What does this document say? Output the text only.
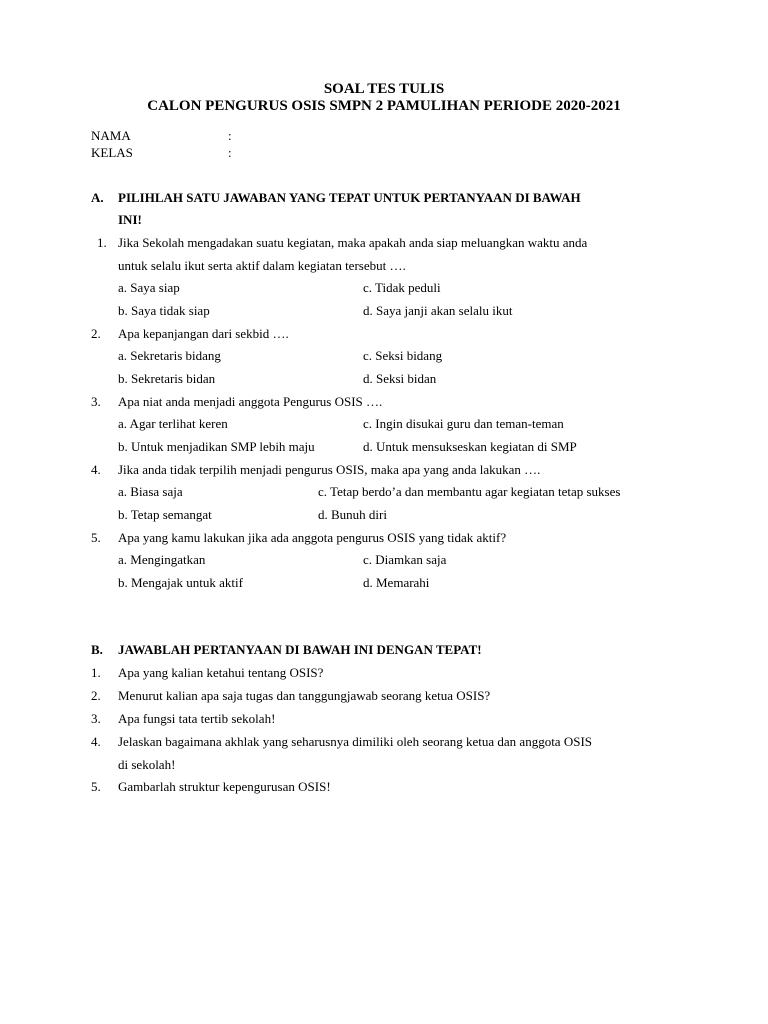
SOAL TES TULIS
CALON PENGURUS OSIS SMPN 2 PAMULIHAN PERIODE 2020-2021
NAMA	:
KELAS	:
A. PILIHLAH SATU JAWABAN YANG TEPAT UNTUK PERTANYAAN DI BAWAH
INI!
1. Jika Sekolah mengadakan suatu kegiatan, maka apakah anda siap meluangkan waktu anda
untuk selalu ikut serta aktif dalam kegiatan tersebut ….
a. Saya siap	c. Tidak peduli
b. Saya tidak siap	d. Saya janji akan selalu ikut
2. Apa kepanjangan dari sekbid ….
a. Sekretaris bidang	c. Seksi bidang
b. Sekretaris bidan	d. Seksi bidan
3. Apa niat anda menjadi anggota Pengurus OSIS ….
a. Agar terlihat keren	c. Ingin disukai guru dan teman-teman
b. Untuk menjadikan SMP lebih maju	d. Untuk mensukseskan kegiatan di SMP
4. Jika anda tidak terpilih menjadi pengurus OSIS, maka apa yang anda lakukan ….
a. Biasa saja	c. Tetap berdo’a dan membantu agar kegiatan tetap sukses
b. Tetap semangat	d. Bunuh diri
5. Apa yang kamu lakukan jika ada anggota pengurus OSIS yang tidak aktif?
a. Mengingatkan	c. Diamkan saja
b. Mengajak untuk aktif	d. Memarahi
B. JAWABLAH PERTANYAAN DI BAWAH INI DENGAN TEPAT!
1. Apa yang kalian ketahui tentang OSIS?
2. Menurut kalian apa saja tugas dan tanggungjawab seorang ketua OSIS?
3. Apa fungsi tata tertib sekolah!
4. Jelaskan bagaimana akhlak yang seharusnya dimiliki oleh seorang ketua dan anggota OSIS
di sekolah!
5. Gambarlah struktur kepengurusan OSIS!
